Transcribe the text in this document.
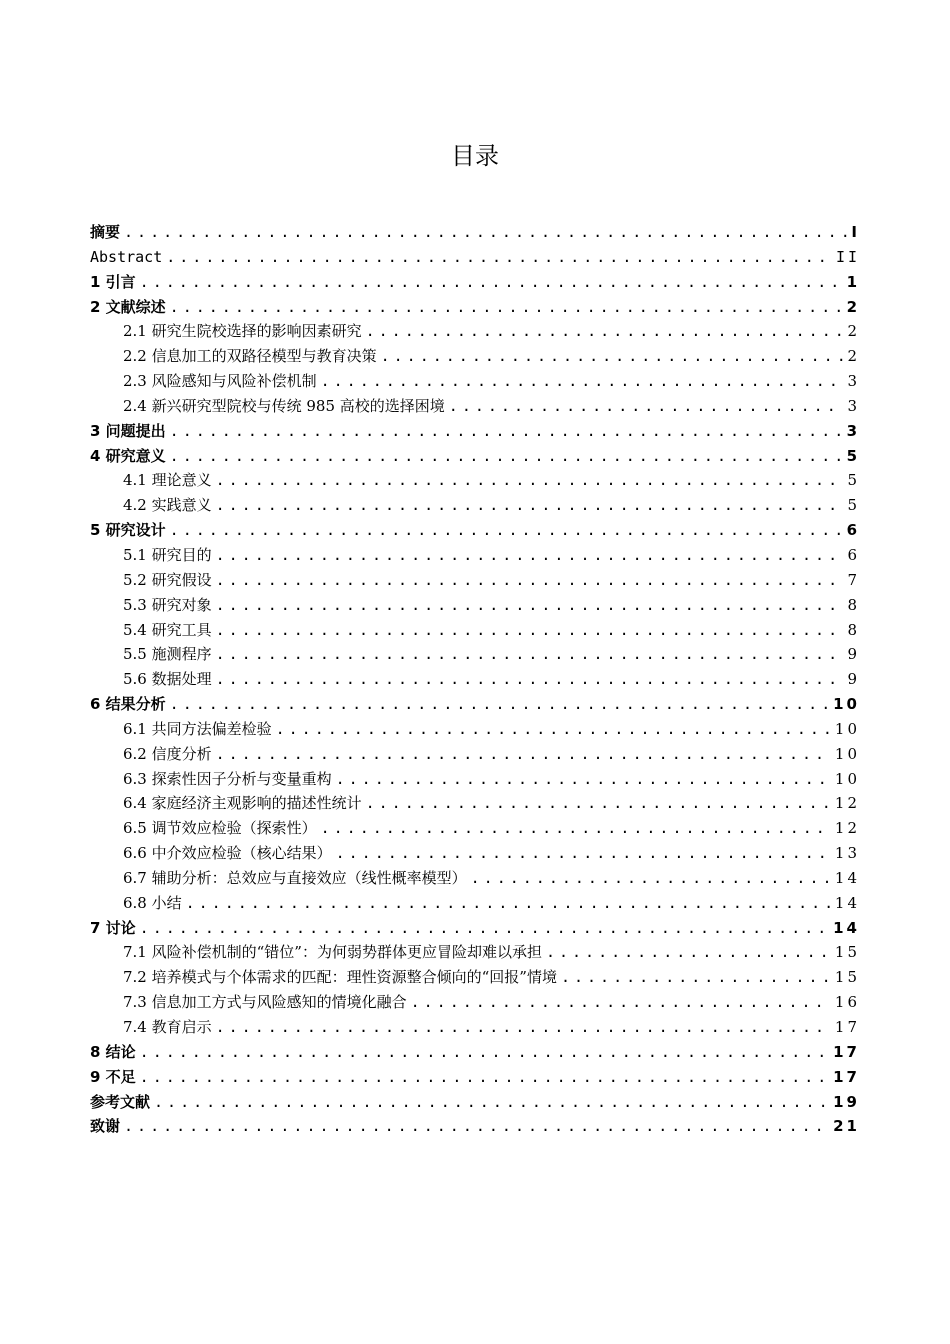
目录
摘要 .....	I
Abstract .....	II
1 引言 .....	1
2 文献综述 .....	2
2.1 研究生院校选择的影响因素研究 .....	2
2.2 信息加工的双路径模型与教育决策 .....	2
2.3 风险感知与风险补偿机制 .....	3
2.4 新兴研究型院校与传统 985 高校的选择困境 .....	3
3 问题提出 .....	3
4 研究意义 .....	5
4.1 理论意义 .....	5
4.2 实践意义 .....	5
5 研究设计 .....	6
5.1 研究目的 .....	6
5.2 研究假设 .....	7
5.3 研究对象 .....	8
5.4 研究工具 .....	8
5.5 施测程序 .....	9
5.6 数据处理 .....	9
6 结果分析 .....	10
6.1 共同方法偏差检验 .....	10
6.2 信度分析 .....	10
6.3 探索性因子分析与变量重构 .....	10
6.4 家庭经济主观影响的描述性统计 .....	12
6.5 调节效应检验（探索性） .....	12
6.6 中介效应检验（核心结果） .....	13
6.7 辅助分析：总效应与直接效应（线性概率模型） .....	14
6.8 小结 .....	14
7 讨论 .....	14
7.1 风险补偿机制的“错位”：为何弱势群体更应冒险却难以承担 .....	15
7.2 培养模式与个体需求的匹配：理性资源整合倾向的“回报”情境 .....	15
7.3 信息加工方式与风险感知的情境化融合 .....	16
7.4 教育启示 .....	17
8 结论 .....	17
9 不足 .....	17
参考文献 .....	19
致谢 .....	21
